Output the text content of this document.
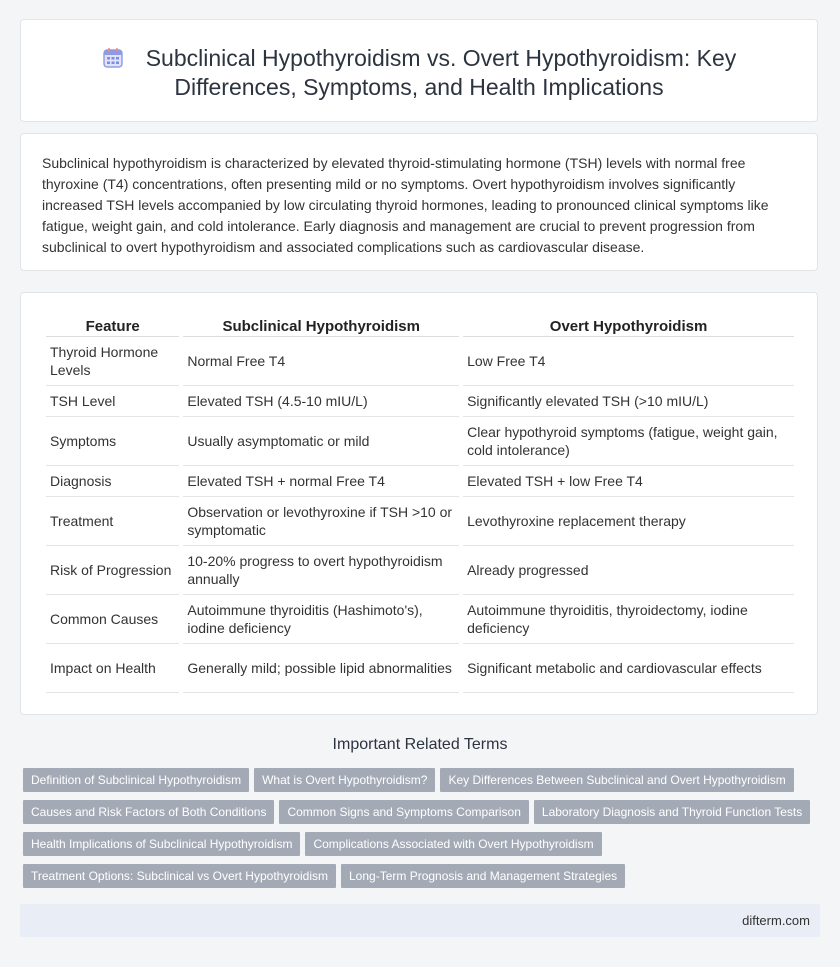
Subclinical Hypothyroidism vs. Overt Hypothyroidism: Key
Differences, Symptoms, and Health Implications

Subclinical hypothyroidism is characterized by elevated thyroid-stimulating hormone (TSH) levels with normal free thyroxine (T4) concentrations, often presenting mild or no symptoms. Overt hypothyroidism involves significantly increased TSH levels accompanied by low circulating thyroid hormones, leading to pronounced clinical symptoms like fatigue, weight gain, and cold intolerance. Early diagnosis and management are crucial to prevent progression from subclinical to overt hypothyroidism and associated complications such as cardiovascular disease.

Feature	Subclinical Hypothyroidism	Overt Hypothyroidism
Thyroid Hormone Levels	Normal Free T4	Low Free T4
TSH Level	Elevated TSH (4.5-10 mIU/L)	Significantly elevated TSH (>10 mIU/L)
Symptoms	Usually asymptomatic or mild	Clear hypothyroid symptoms (fatigue, weight gain, cold intolerance)
Diagnosis	Elevated TSH + normal Free T4	Elevated TSH + low Free T4
Treatment	Observation or levothyroxine if TSH >10 or symptomatic	Levothyroxine replacement therapy
Risk of Progression	10-20% progress to overt hypothyroidism annually	Already progressed
Common Causes	Autoimmune thyroiditis (Hashimoto's), iodine deficiency	Autoimmune thyroiditis, thyroidectomy, iodine deficiency
Impact on Health	Generally mild; possible lipid abnormalities	Significant metabolic and cardiovascular effects
Important Related Terms
Definition of Subclinical Hypothyroidism What is Overt Hypothyroidism? Key Differences Between Subclinical and Overt Hypothyroidism
Causes and Risk Factors of Both Conditions Common Signs and Symptoms Comparison Laboratory Diagnosis and Thyroid Function Tests
Health Implications of Subclinical Hypothyroidism Complications Associated with Overt Hypothyroidism
Treatment Options: Subclinical vs Overt Hypothyroidism Long-Term Prognosis and Management Strategies
difterm.com
